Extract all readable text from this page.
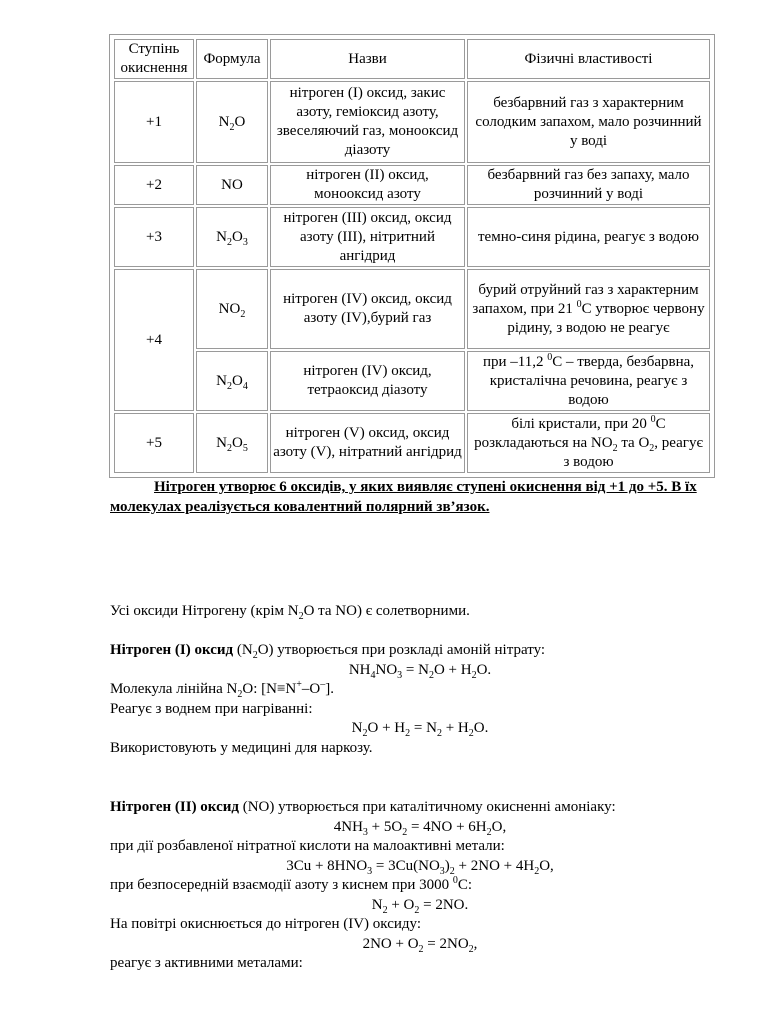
Ступінь окиснення	Формула	Назви	Фізичні властивості
+1	$N_2O$	нітроген (I) оксид, закис азоту, геміоксид азоту, звеселяючий газ, монооксид діазоту	безбарвний газ з характерним солодким запахом, мало розчинний у воді
+2	NO	нітроген (II) оксид, монооксид азоту	безбарвний газ без запаху, мало розчинний у воді
+3	$N_2O_3$	нітроген (III) оксид, оксид азоту (III), нітритний ангідрид	темно-синя рідина, реагує з водою
+4	$NO_2$	нітроген (IV) оксид, оксид азоту (IV),бурий газ	бурий отруйний газ з характерним запахом, при 21 $^0$С утворює червону рідину, з водою не реагує
	$N_2O_4$	нітроген (IV) оксид, тетраоксид діазоту	при –11,2 $^0$С – тверда, безбарвна, кристалічна речовина, реагує з водою
+5	$N_2O_5$	нітроген (V) оксид, оксид азоту (V), нітратний ангідрид	білі кристали, при 20 $^0$С розкладаються на $NO_2$ та $O_2$, реагує з водою
Нітроген утворює 6 оксидів, у яких виявляє ступені окиснення від +1 до +5. В їх молекулах реалізується ковалентний полярний зв’язок.

Усі оксиди Нітрогену (крім $N_2O$ та NO) є солетворними.

Нітроген (I) оксид $(N_2O)$ утворюється при розкладі амоній нітрату:

$NH_4NO_3 = N_2O + H_2O$.

Молекула лінійна $N_2O$: [N≡N+–O–].

Реагує з воднем при нагріванні:

$N_2O + H_2 = N_2 + H_2O$.

Використовують у медицині для наркозу.

Нітроген (II) оксид (NO) утворюється при каталітичному окисненні амоніаку:

$4NH_3 + 5O_2 = 4NO + 6H_2O$,

при дії розбавленої нітратної кислоти на малоактивні метали:

$3Cu + 8HNO_3 = 3Cu(NO_3)_2 + 2NO + 4H_2O$,

при безпосередній взаємодії азоту з киснем при 3000 $^0$С:

$N_2 + O_2 = 2NO$.

На повітрі окиснюється до нітроген (IV) оксиду:

$2NO + O_2 = 2NO_2$,

реагує з активними металами:
